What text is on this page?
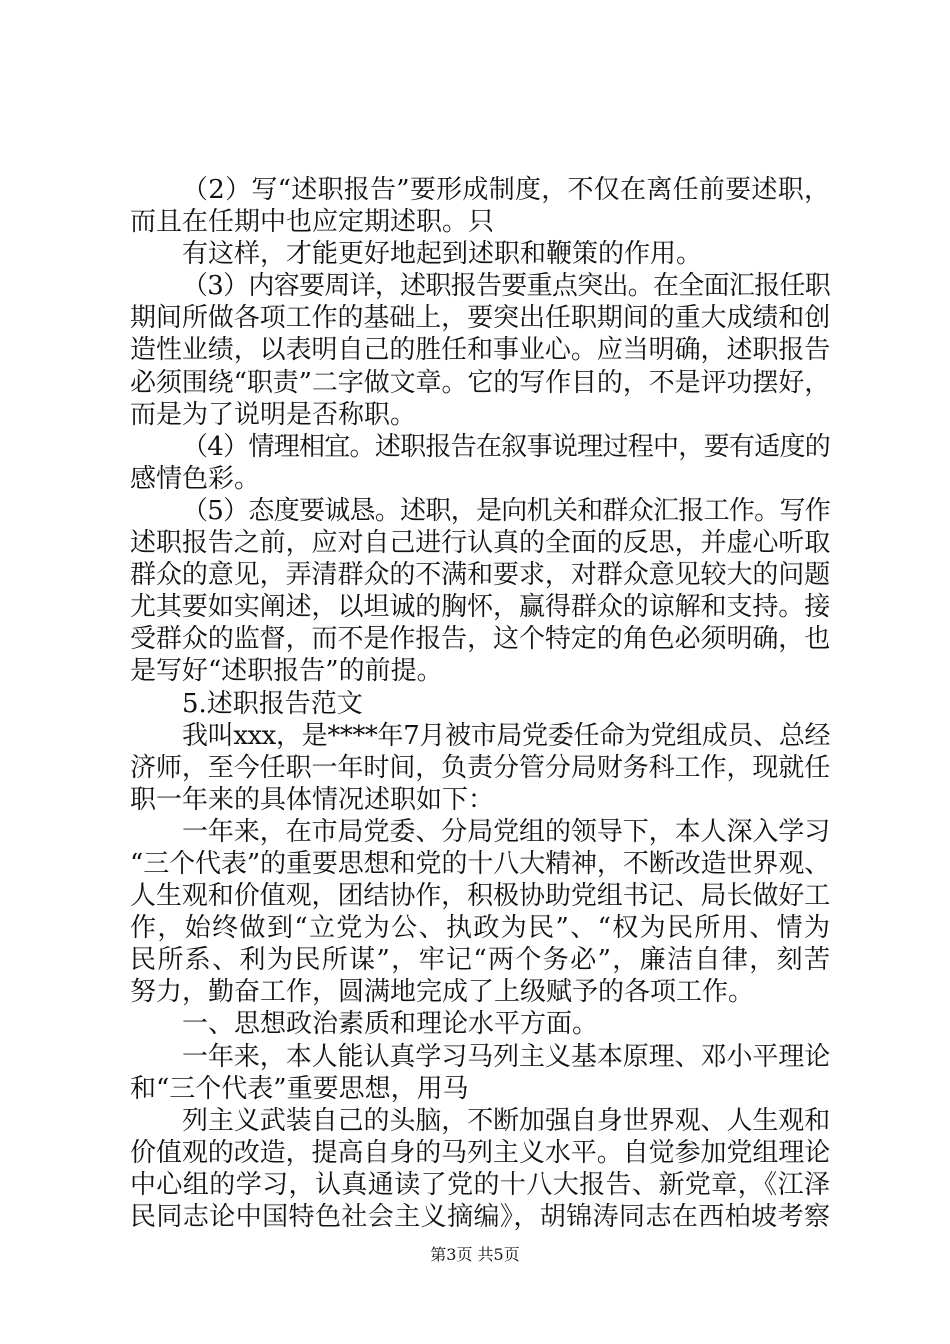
（2）写“述职报告”要形成制度，不仅在离任前要述职，
而且在任期中也应定期述职。只
有这样，才能更好地起到述职和鞭策的作用。
（3）内容要周详，述职报告要重点突出。在全面汇报任职
期间所做各项工作的基础上，要突出任职期间的重大成绩和创
造性业绩，以表明自己的胜任和事业心。应当明确，述职报告
必须围绕“职责”二字做文章。它的写作目的，不是评功摆好，
而是为了说明是否称职。
（4）情理相宜。述职报告在叙事说理过程中，要有适度的
感情色彩。
（5）态度要诚恳。述职，是向机关和群众汇报工作。写作
述职报告之前，应对自己进行认真的全面的反思，并虚心听取
群众的意见，弄清群众的不满和要求，对群众意见较大的问题
尤其要如实阐述，以坦诚的胸怀，赢得群众的谅解和支持。接
受群众的监督，而不是作报告，这个特定的角色必须明确，也
是写好“述职报告”的前提。
5.述职报告范文
我叫xxx，是****年7月被市局党委任命为党组成员、总经
济师，至今任职一年时间，负责分管分局财务科工作，现就任
职一年来的具体情况述职如下：
一年来，在市局党委、分局党组的领导下，本人深入学习
“三个代表”的重要思想和党的十八大精神，不断改造世界观、
人生观和价值观，团结协作，积极协助党组书记、局长做好工
作，始终做到“立党为公、执政为民”、“权为民所用、情为
民所系、利为民所谋”，牢记“两个务必”，廉洁自律，刻苦
努力，勤奋工作，圆满地完成了上级赋予的各项工作。
一、思想政治素质和理论水平方面。
一年来，本人能认真学习马列主义基本原理、邓小平理论
和“三个代表”重要思想，用马
列主义武装自己的头脑，不断加强自身世界观、人生观和
价值观的改造，提高自身的马列主义水平。自觉参加党组理论
中心组的学习，认真通读了党的十八大报告、新党章，《江泽
民同志论中国特色社会主义摘编》，胡锦涛同志在西柏坡考察
第3页 共5页
